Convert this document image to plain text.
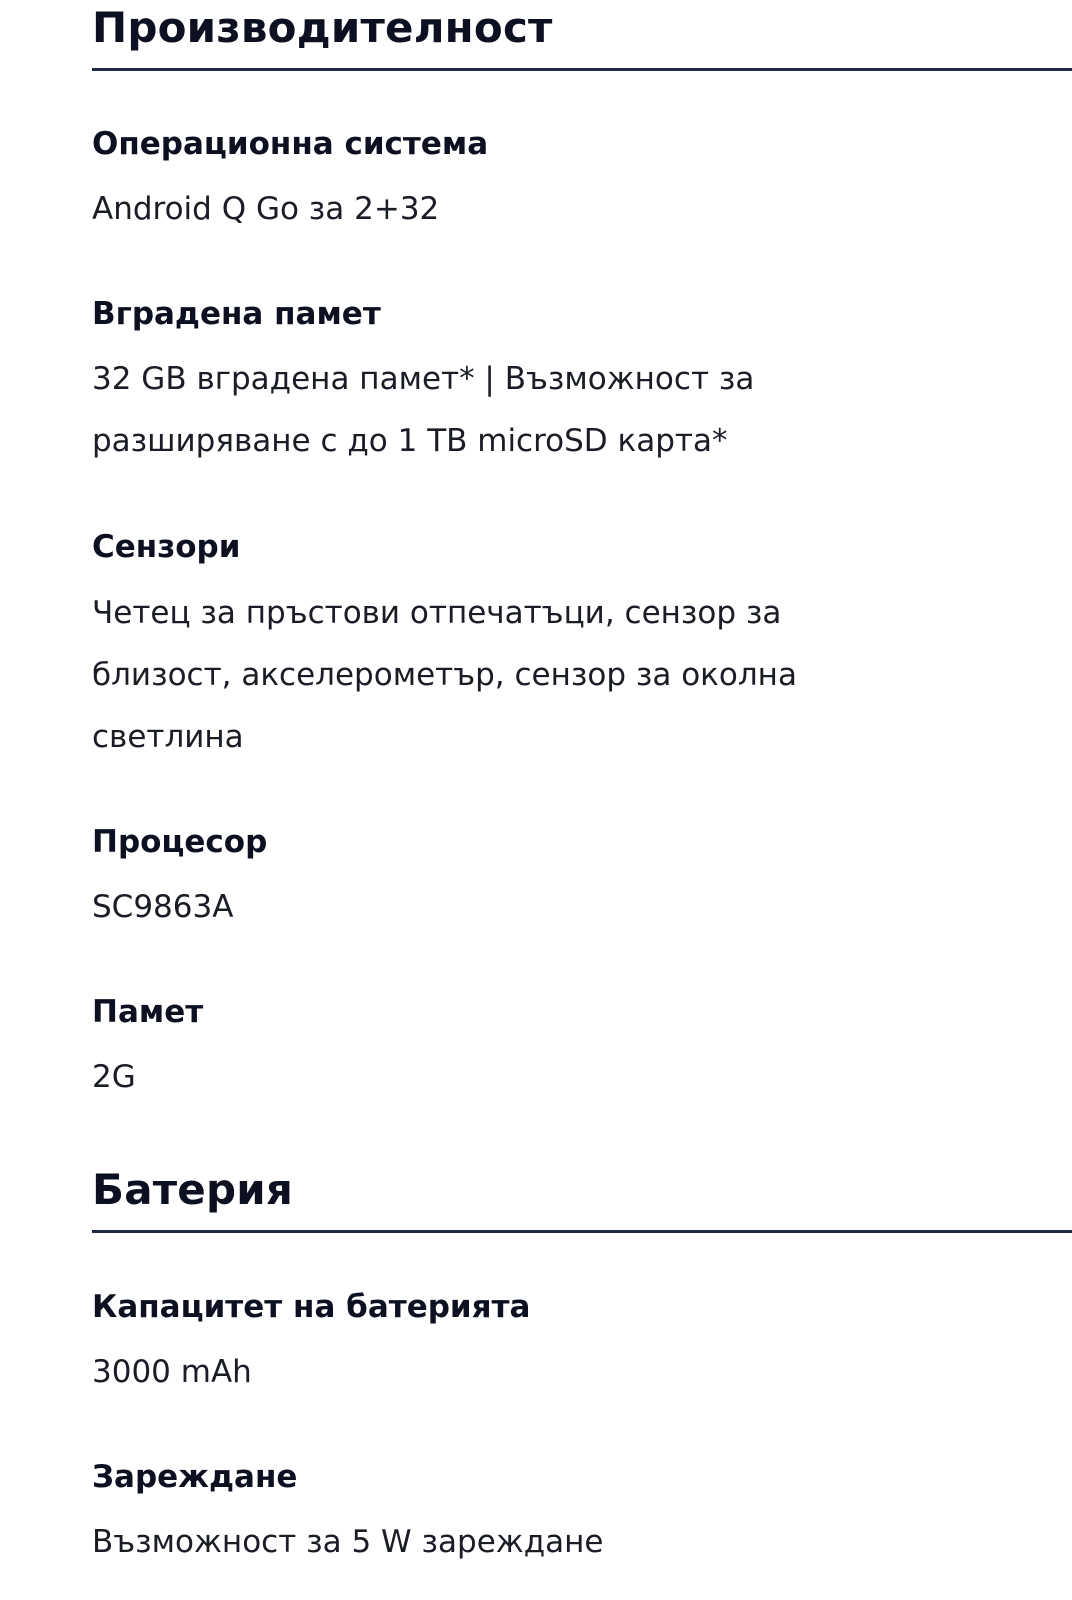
Производителност
Операционна система
Android Q Go за 2+32
Вградена памет
32 GB вградена памет* | Възможност за разширяване с до 1 TB microSD карта*
Сензори
Четец за пръстови отпечатъци, сензор за близост, акселерометър, сензор за околна светлина
Процесор
SC9863A
Памет
2G
Батерия
Капацитет на батерията
3000 mAh
Зареждане
Възможност за 5 W зареждане
